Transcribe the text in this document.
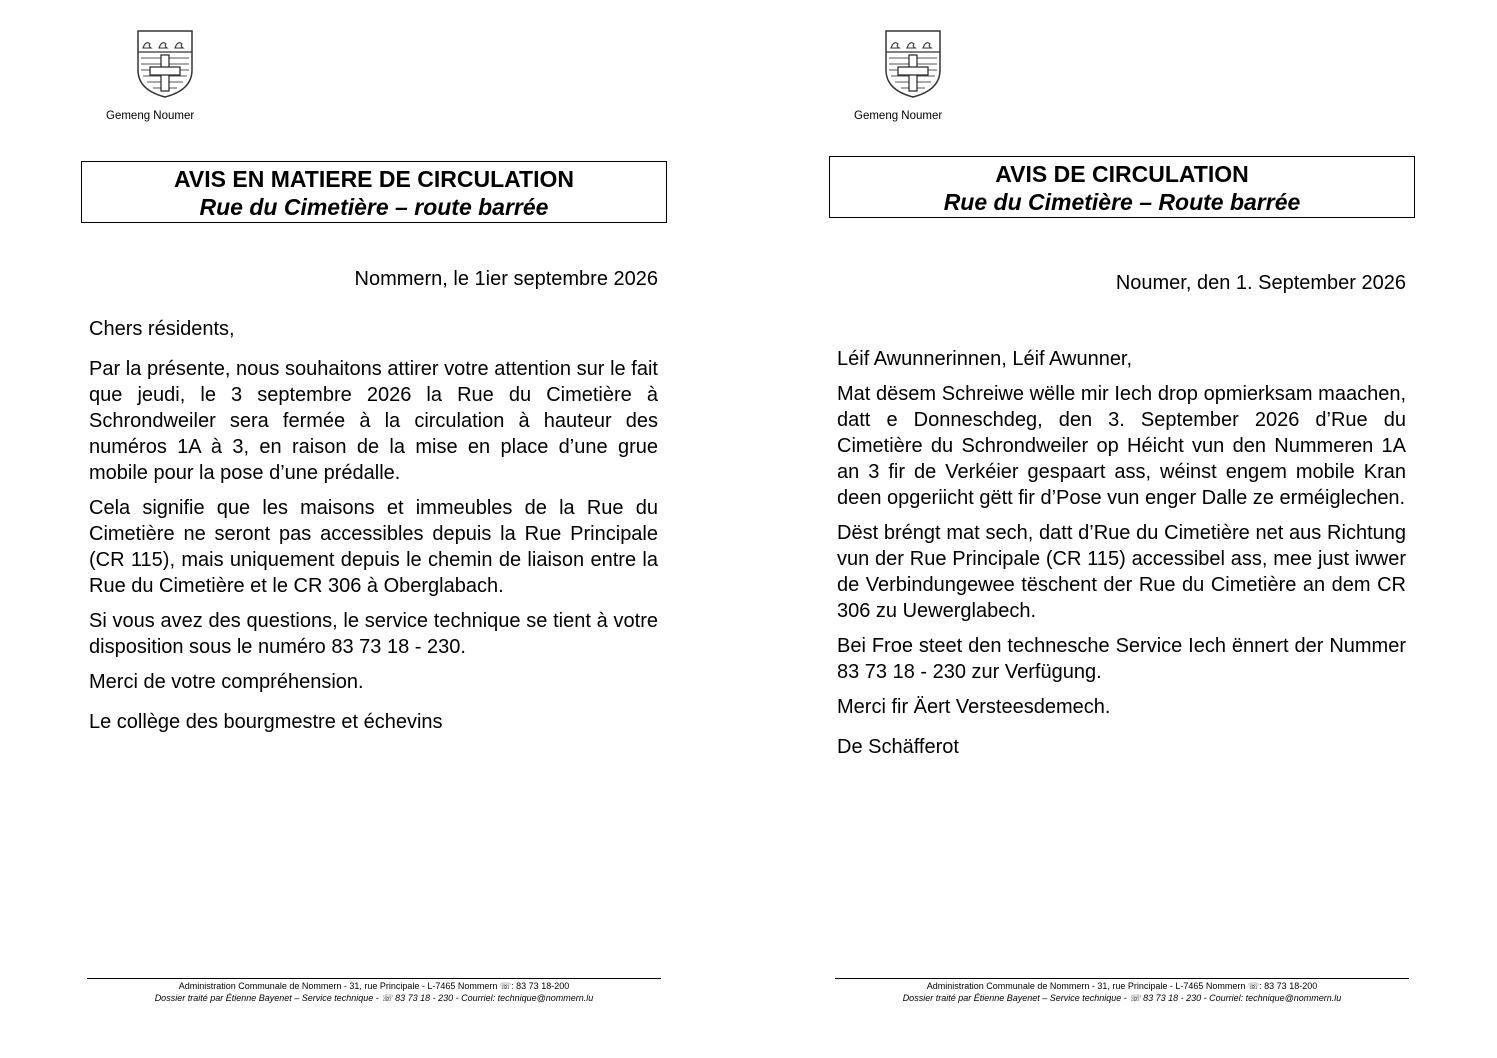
Gemeng Noumer
AVIS EN MATIERE DE CIRCULATION
Rue du Cimetière – route barrée
Nommern, le 1ier septembre 2026

Chers résidents,

Par la présente, nous souhaitons attirer votre attention sur le fait que jeudi, le 3 septembre 2026 la Rue du Cimetière à Schrondweiler sera fermée à la circulation à hauteur des numéros 1A à 3, en raison de la mise en place d’une grue mobile pour la pose d’une prédalle.

Cela signifie que les maisons et immeubles de la Rue du Cimetière ne seront pas accessibles depuis la Rue Principale (CR 115), mais uniquement depuis le chemin de liaison entre la Rue du Cimetière et le CR 306 à Oberglabach.

Si vous avez des questions, le service technique se tient à votre disposition sous le numéro 83 73 18 - 230.

Merci de votre compréhension.

Le collège des bourgmestre et échevins

Administration Communale de Nommern - 31, rue Principale - L-7465 Nommern ☏: 83 73 18-200
Dossier traité par Étienne Bayenet – Service technique - ☏ 83 73 18 - 230 - Courriel: technique@nommern.lu
Gemeng Noumer
AVIS DE CIRCULATION
Rue du Cimetière – Route barrée
Noumer, den 1. September 2026

Léif Awunnerinnen, Léif Awunner,

Mat dësem Schreiwe wëlle mir Iech drop opmierksam maachen, datt e Donneschdeg, den 3. September 2026 d’Rue du Cimetière du Schrondweiler op Héicht vun den Nummeren 1A an 3 fir de Verkéier gespaart ass, wéinst engem mobile Kran deen opgeriicht gëtt fir d’Pose vun enger Dalle ze erméiglechen.

Dëst bréngt mat sech, datt d’Rue du Cimetière net aus Richtung vun der Rue Principale (CR 115) accessibel ass, mee just iwwer de Verbindungewee tëschent der Rue du Cimetière an dem CR 306 zu Uewerglabech.

Bei Froe steet den technesche Service Iech ënnert der Nummer 83 73 18 - 230 zur Verfügung.

Merci fir Äert Versteesdemech.

De Schäfferot

Administration Communale de Nommern - 31, rue Principale - L-7465 Nommern ☏: 83 73 18-200
Dossier traité par Étienne Bayenet – Service technique - ☏ 83 73 18 - 230 - Courriel: technique@nommern.lu
